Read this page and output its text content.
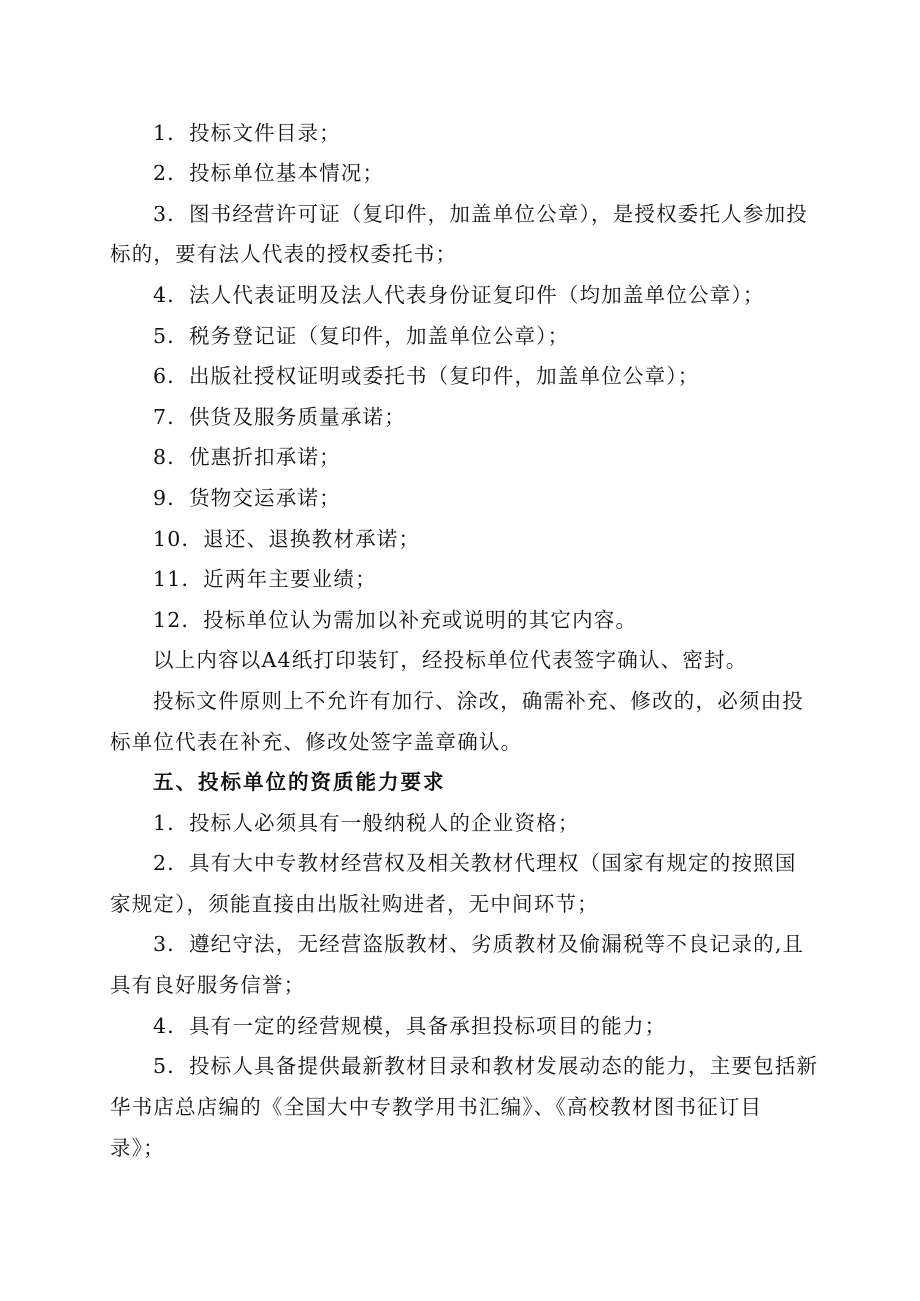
1．投标文件目录；
2．投标单位基本情况；
3．图书经营许可证（复印件，加盖单位公章），是授权委托人参加投
标的，要有法人代表的授权委托书；
4．法人代表证明及法人代表身份证复印件（均加盖单位公章）；
5．税务登记证（复印件，加盖单位公章）；
6．出版社授权证明或委托书（复印件，加盖单位公章）；
7．供货及服务质量承诺；
8．优惠折扣承诺；
9．货物交运承诺；
10．退还、退换教材承诺；
11．近两年主要业绩；
12．投标单位认为需加以补充或说明的其它内容。
以上内容以A4纸打印装钉，经投标单位代表签字确认、密封。
投标文件原则上不允许有加行、涂改，确需补充、修改的，必须由投
标单位代表在补充、修改处签字盖章确认。
五、投标单位的资质能力要求
1．投标人必须具有一般纳税人的企业资格；
2．具有大中专教材经营权及相关教材代理权（国家有规定的按照国
家规定），须能直接由出版社购进者，无中间环节；
3．遵纪守法，无经营盗版教材、劣质教材及偷漏税等不良记录的,且
具有良好服务信誉；
4．具有一定的经营规模，具备承担投标项目的能力；
5．投标人具备提供最新教材目录和教材发展动态的能力，主要包括新
华书店总店编的《全国大中专教学用书汇编》、《高校教材图书征订目
录》；
